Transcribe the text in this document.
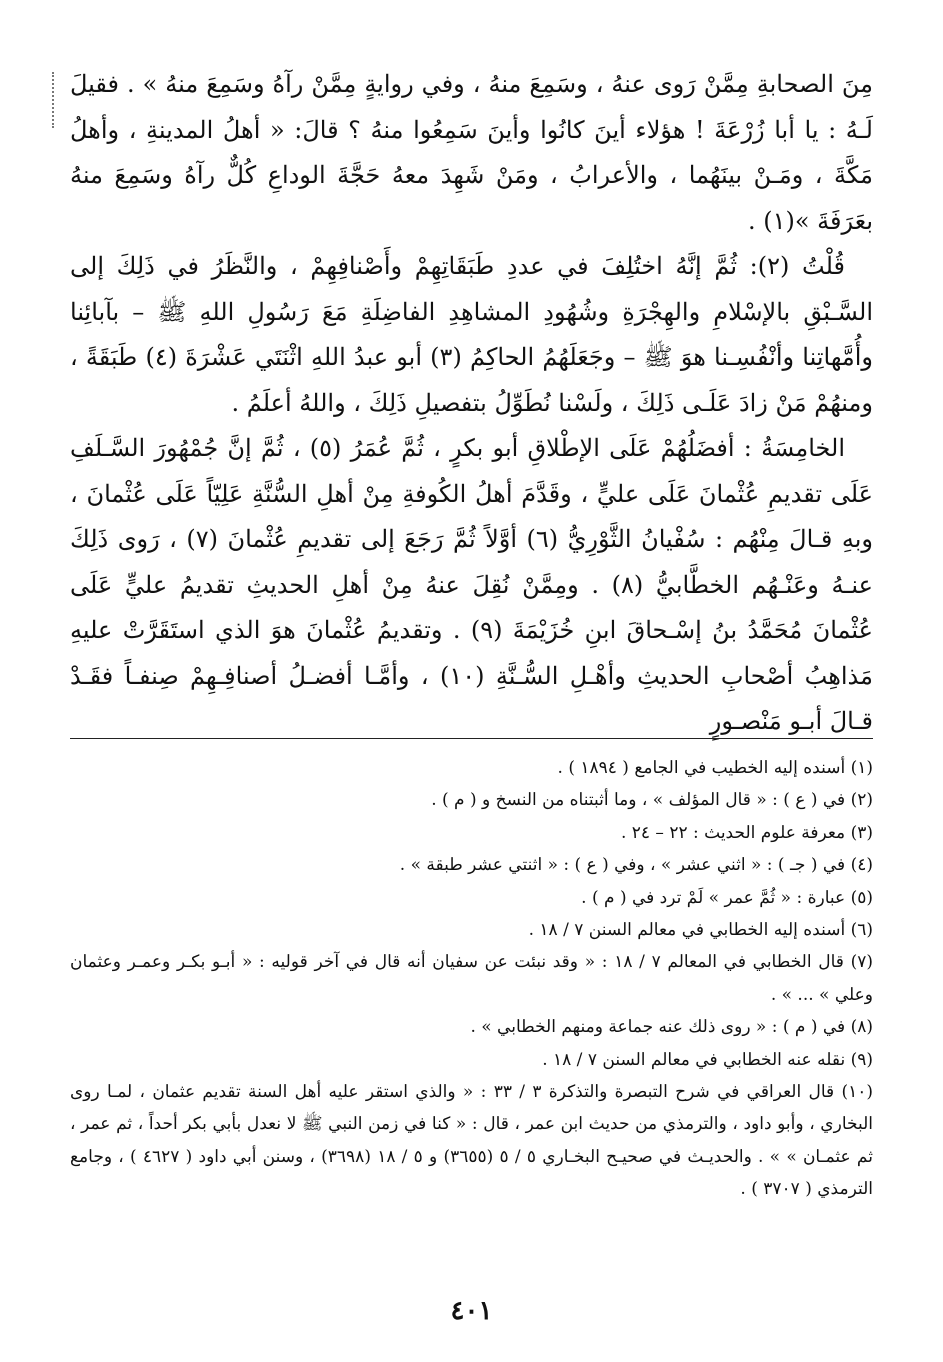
مِنَ الصحابةِ مِمَّنْ رَوى عنهُ ، وسَمِعَ منهُ ، وفي روايةٍ مِمَّنْ رآهُ وسَمِعَ منهُ » . فقيلَ لَـهُ : يا أبا زُرْعَةَ ! هؤلاء أينَ كانُوا وأينَ سَمِعُوا منهُ ؟ قالَ: « أهلُ المدينةِ ، وأهلُ مَكَّةَ ، ومَـنْ بينَهُما ، والأعرابُ ، ومَنْ شَهِدَ معهُ حَجَّةَ الوداعِ كُلٌّ رآهُ وسَمِعَ منهُ بعَرَفَةَ »(١) .

قُلْتُ (٢): ثُمَّ إنَّهُ اختُلِفَ في عددِ طَبَقَاتِهِمْ وأَصْنافِهِمْ ، والنَّظَرُ في ذَلِكَ إلى السَّـبْقِ بالإسْلامِ والهِجْرَةِ وشُهُودِ المشاهِدِ الفاضِلَةِ مَعَ رَسُولِ اللهِ ﷺ – بآبائِنا وأُمَّهاتِنا وأنْفُسِـنا هوَ ﷺ – وجَعَلَهُمُ الحاكِمُ (٣) أبو عبدُ اللهِ اثْنَتَي عَشْرَةَ (٤) طَبَقَةً ، ومنهُمْ مَنْ زادَ عَلَـى ذَلِكَ ، ولَسْنا نُطَوِّلُ بتفصيلِ ذَلِكَ ، واللهُ أعلَمُ .

الخامِسَةُ : أفضَلُهُمْ عَلَى الإطْلاقِ أبو بكرٍ ، ثُمَّ عُمَرُ (٥) ، ثُمَّ إنَّ جُمْهُورَ السَّـلَفِ عَلَى تقديمِ عُثْمانَ عَلَى عليٍّ ، وقَدَّمَ أهلُ الكُوفةِ مِنْ أهلِ السُّنَّةِ عَلِيّاً عَلَى عُثْمانَ ، وبهِ قـالَ مِنْهُم : سُفْيانُ الثَّوْرِيُّ (٦) أوَّلاً ثُمَّ رَجَعَ إلى تقديمِ عُثْمانَ (٧) ، رَوى ذَلِكَ عنـهُ وعَنْـهُم الخطَّابيُّ (٨) . ومِمَّنْ نُقِلَ عنهُ مِنْ أهلِ الحديثِ تقديمُ عليٍّ عَلَى عُثْمانَ مُحَمَّدُ بنُ إسْـحاقَ ابنِ خُزَيْمَةَ (٩) . وتقديمُ عُثْمانَ هوَ الذي استَقَرَّتْ عليهِ مَذاهِبُ أصْحابِ الحديثِ وأهْـلِ السُّـنَّةِ (١٠) ، وأمَّـا أفضـلُ أصنافِـهِمْ صِنفـاً فقَـدْ قـالَ أبـو مَنْصـورٍ

(١) أسنده إليه الخطيب في الجامع ( ١٨٩٤ ) .

(٢) في ( ع ) : « قال المؤلف » ، وما أثبتناه من النسخ و ( م ) .

(٣) معرفة علوم الحديث : ٢٢ – ٢٤ .

(٤) في ( جـ ) : « اثني عشر » ، وفي ( ع ) : « اثنتي عشر طبقة » .

(٥) عبارة : « ثُمَّ عمر » لَمْ ترد في ( م ) .

(٦) أسنده إليه الخطابي في معالم السنن ٧ / ١٨ .

(٧) قال الخطابي في المعالم ٧ / ١٨ : « وقد نبئت عن سفيان أنه قال في آخر قوليه : « أبـو بكـر وعمـر وعثمان وعلي » ... » .

(٨) في ( م ) : « روى ذلك عنه جماعة ومنهم الخطابي » .

(٩) نقله عنه الخطابي في معالم السنن ٧ / ١٨ .

(١٠) قال العراقي في شرح التبصرة والتذكرة ٣ / ٣٣ : « والذي استقر عليه أهل السنة تقديم عثمان ، لمـا روى البخاري ، وأبو داود ، والترمذي من حديث ابن عمر ، قال : « كنا في زمن النبي ﷺ لا نعدل بأبي بكر أحداً ، ثم عمر ، ثم عثمـان » » . والحديـث في صحيـح البخـاري ٥ / ٥ (٣٦٥٥) و ٥ / ١٨ (٣٦٩٨) ، وسنن أبي داود ( ٤٦٢٧ ) ، وجامع الترمذي ( ٣٧٠٧ ) .

٤٠١
